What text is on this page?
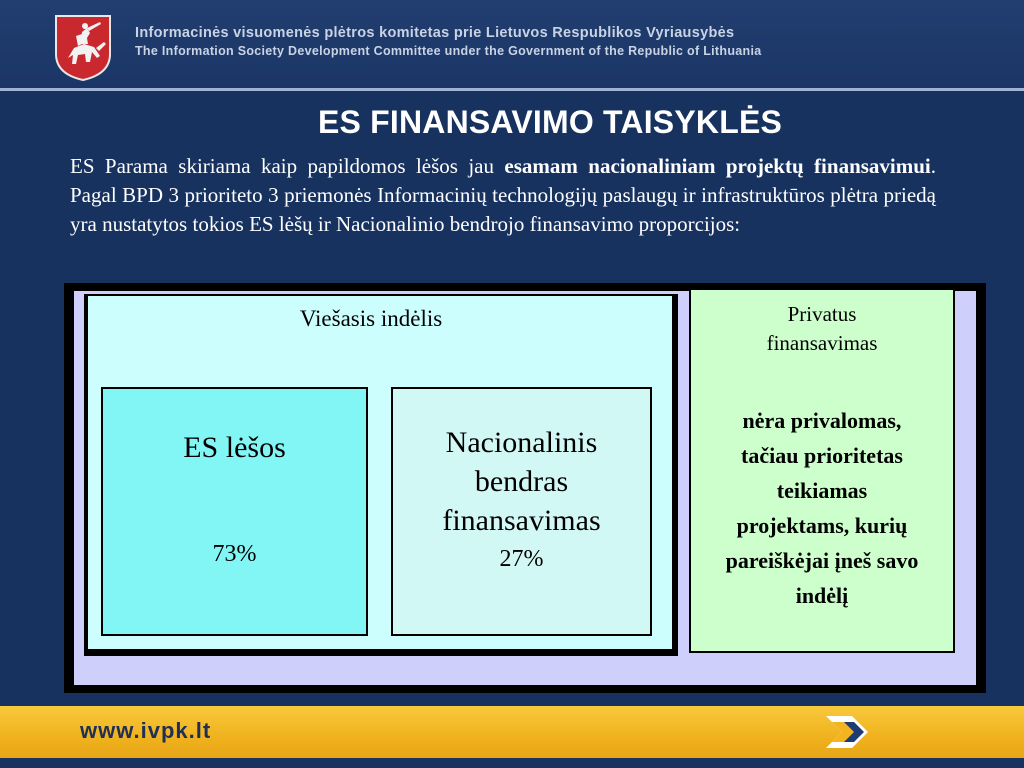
Informacinės visuomenės plėtros komitetas prie Lietuvos Respublikos Vyriausybės
The Information Society Development Committee under the Government of the Republic of Lithuania
ES FINANSAVIMO TAISYKLĖS
ES Parama skiriama kaip papildomos lėšos jau esamam nacionaliniam projektų finansavimui. Pagal BPD 3 prioriteto 3 priemonės Informacinių technologijų paslaugų ir infrastruktūros plėtra priedą yra nustatytos tokios ES lėšų ir Nacionalinio bendrojo finansavimo proporcijos:
Viešasis indėlis
ES lėšos
73%
Nacionalinis
bendras
finansavimas
27%
Privatus
finansavimas
nėra privalomas,
tačiau prioritetas
teikiamas
projektams, kurių
pareiškėjai įneš savo
indėlį
www.ivpk.lt
